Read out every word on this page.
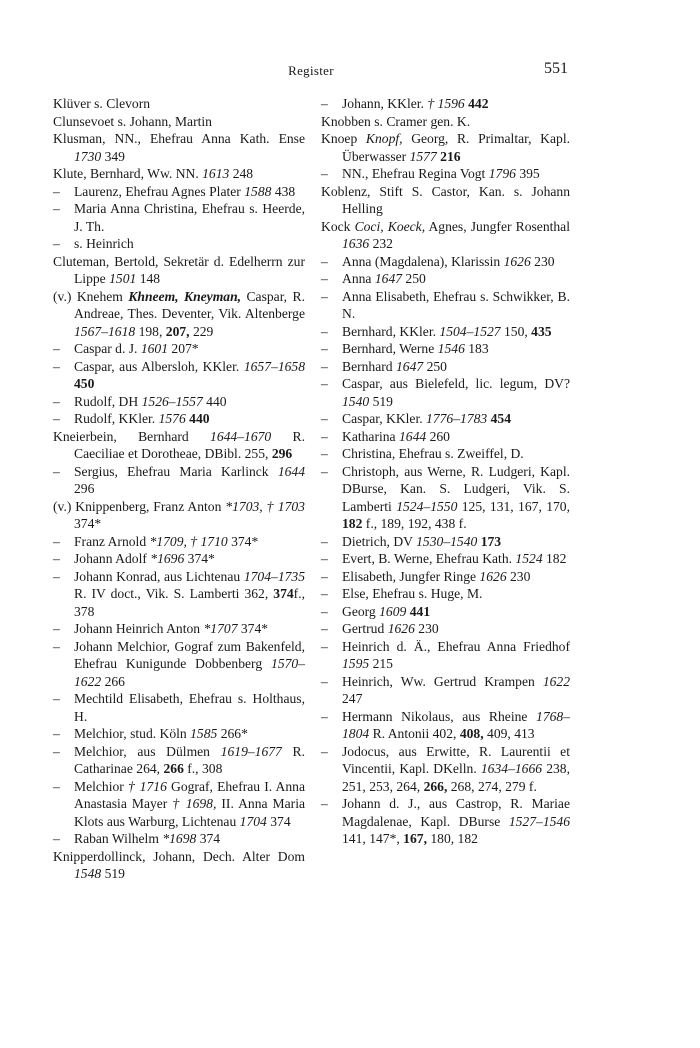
Register	551

Klüver s. Clevorn

Clunsevoet s. Johann, Martin

Klusman, NN., Ehefrau Anna Kath. Ense 1730 349

Klute, Bernhard, Ww. NN. 1613 248

– Laurenz, Ehefrau Agnes Plater 1588 438

– Maria Anna Christina, Ehefrau s. Heerde, J. Th.

– s. Heinrich

Cluteman, Bertold, Sekretär d. Edelherrn zur Lippe 1501 148

(v.) Knehem Khneem, Kneyman, Caspar, R. Andreae, Thes. Deventer, Vik. Altenberge 1567–1618 198, 207, 229

– Caspar d. J. 1601 207*

– Caspar, aus Albersloh, KKler. 1657–1658 450

– Rudolf, DH 1526–1557 440

– Rudolf, KKler. 1576 440

Kneierbein, Bernhard 1644–1670 R. Caeciliae et Dorotheae, DBibl. 255, 296

– Sergius, Ehefrau Maria Karlinck 1644 296

(v.) Knippenberg, Franz Anton *1703, † 1703 374*

– Franz Arnold *1709, † 1710 374*

– Johann Adolf *1696 374*

– Johann Konrad, aus Lichtenau 1704–1735 R. IV doct., Vik. S. Lamberti 362, 374f., 378

– Johann Heinrich Anton *1707 374*

– Johann Melchior, Gograf zum Bakenfeld, Ehefrau Kunigunde Dobbenberg 1570–1622 266

– Mechtild Elisabeth, Ehefrau s. Holthaus, H.

– Melchior, stud. Köln 1585 266*

– Melchior, aus Dülmen 1619–1677 R. Catharinae 264, 266 f., 308

– Melchior † 1716 Gograf, Ehefrau I. Anna Anastasia Mayer † 1698, II. Anna Maria Klots aus Warburg, Lichtenau 1704 374

– Raban Wilhelm *1698 374

Knipperdollinck, Johann, Dech. Alter Dom 1548 519

– Johann, KKler. † 1596 442

Knobben s. Cramer gen. K.

Knoep Knopf, Georg, R. Primaltar, Kapl. Überwasser 1577 216

– NN., Ehefrau Regina Vogt 1796 395

Koblenz, Stift S. Castor, Kan. s. Johann Helling

Kock Coci, Koeck, Agnes, Jungfer Rosenthal 1636 232

– Anna (Magdalena), Klarissin 1626 230

– Anna 1647 250

– Anna Elisabeth, Ehefrau s. Schwikker, B. N.

– Bernhard, KKler. 1504–1527 150, 435

– Bernhard, Werne 1546 183

– Bernhard 1647 250

– Caspar, aus Bielefeld, lic. legum, DV? 1540 519

– Caspar, KKler. 1776–1783 454

– Katharina 1644 260

– Christina, Ehefrau s. Zweiffel, D.

– Christoph, aus Werne, R. Ludgeri, Kapl. DBurse, Kan. S. Ludgeri, Vik. S. Lamberti 1524–1550 125, 131, 167, 170, 182 f., 189, 192, 438 f.

– Dietrich, DV 1530–1540 173

– Evert, B. Werne, Ehefrau Kath. 1524 182

– Elisabeth, Jungfer Ringe 1626 230

– Else, Ehefrau s. Huge, M.

– Georg 1609 441

– Gertrud 1626 230

– Heinrich d. Ä., Ehefrau Anna Friedhof 1595 215

– Heinrich, Ww. Gertrud Krampen 1622 247

– Hermann Nikolaus, aus Rheine 1768–1804 R. Antonii 402, 408, 409, 413

– Jodocus, aus Erwitte, R. Laurentii et Vincentii, Kapl. DKelln. 1634–1666 238, 251, 253, 264, 266, 268, 274, 279 f.

– Johann d. J., aus Castrop, R. Mariae Magdalenae, Kapl. DBurse 1527–1546 141, 147*, 167, 180, 182
